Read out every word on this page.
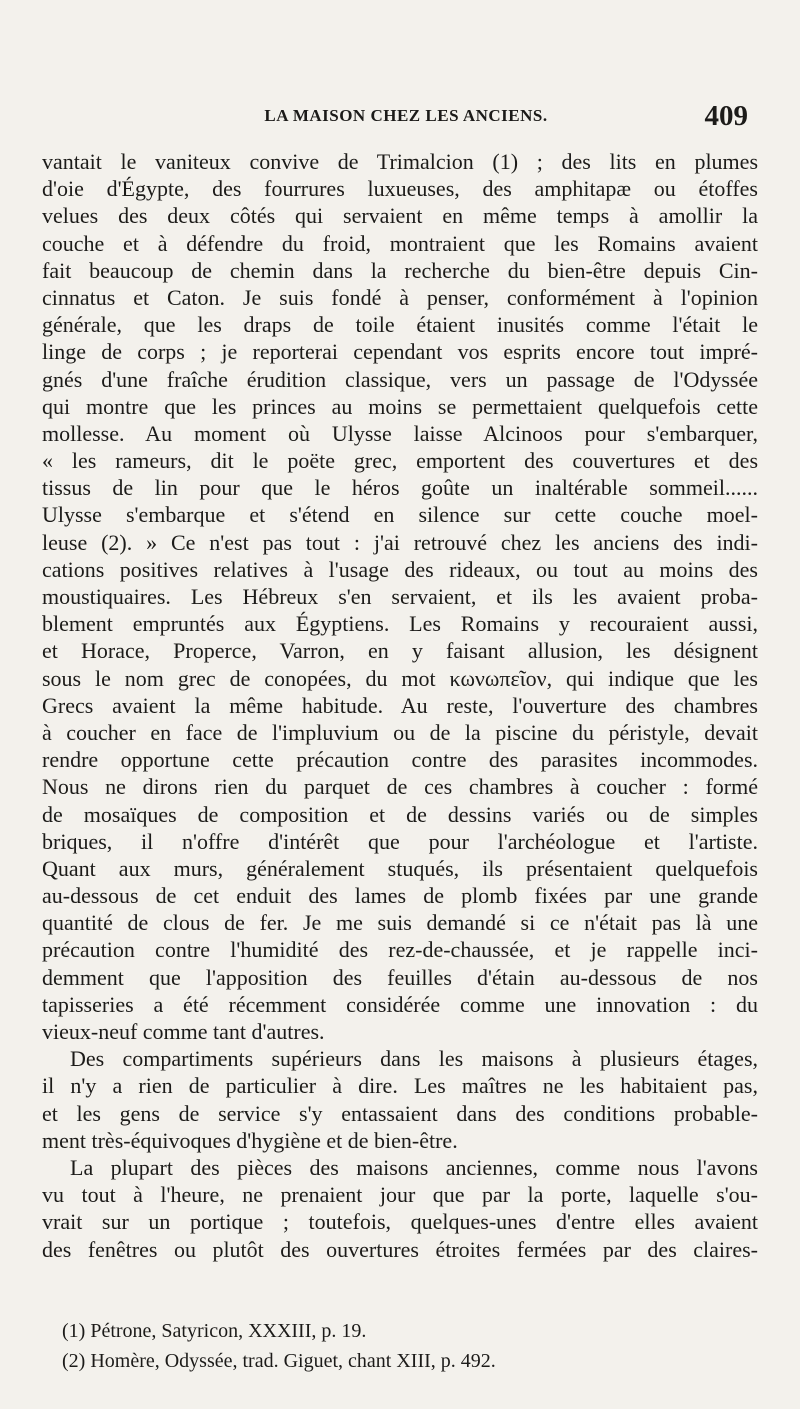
LA MAISON CHEZ LES ANCIENS.	409
vantait le vaniteux convive de Trimalcion (1) ; des lits en plumes
d'oie d'Égypte, des fourrures luxueuses, des amphitapæ ou étoffes
velues des deux côtés qui servaient en même temps à amollir la
couche et à défendre du froid, montraient que les Romains avaient
fait beaucoup de chemin dans la recherche du bien-être depuis Cin-
cinnatus et Caton. Je suis fondé à penser, conformément à l'opinion
générale, que les draps de toile étaient inusités comme l'était le
linge de corps ; je reporterai cependant vos esprits encore tout impré-
gnés d'une fraîche érudition classique, vers un passage de l'Odyssée
qui montre que les princes au moins se permettaient quelquefois cette
mollesse. Au moment où Ulysse laisse Alcinoos pour s'embarquer,
« les rameurs, dit le poëte grec, emportent des couvertures et des
tissus de lin pour que le héros goûte un inaltérable sommeil......
Ulysse s'embarque et s'étend en silence sur cette couche moel-
leuse (2). » Ce n'est pas tout : j'ai retrouvé chez les anciens des indi-
cations positives relatives à l'usage des rideaux, ou tout au moins des
moustiquaires. Les Hébreux s'en servaient, et ils les avaient proba-
blement empruntés aux Égyptiens. Les Romains y recouraient aussi,
et Horace, Properce, Varron, en y faisant allusion, les désignent
sous le nom grec de conopées, du mot κωνωπεῖον, qui indique que les
Grecs avaient la même habitude. Au reste, l'ouverture des chambres
à coucher en face de l'impluvium ou de la piscine du péristyle, devait
rendre opportune cette précaution contre des parasites incommodes.
Nous ne dirons rien du parquet de ces chambres à coucher : formé
de mosaïques de composition et de dessins variés ou de simples
briques, il n'offre d'intérêt que pour l'archéologue et l'artiste.
Quant aux murs, généralement stuqués, ils présentaient quelquefois
au-dessous de cet enduit des lames de plomb fixées par une grande
quantité de clous de fer. Je me suis demandé si ce n'était pas là une
précaution contre l'humidité des rez-de-chaussée, et je rappelle inci-
demment que l'apposition des feuilles d'étain au-dessous de nos
tapisseries a été récemment considérée comme une innovation : du
vieux-neuf comme tant d'autres.
Des compartiments supérieurs dans les maisons à plusieurs étages,
il n'y a rien de particulier à dire. Les maîtres ne les habitaient pas,
et les gens de service s'y entassaient dans des conditions probable-
ment très-équivoques d'hygiène et de bien-être.
La plupart des pièces des maisons anciennes, comme nous l'avons
vu tout à l'heure, ne prenaient jour que par la porte, laquelle s'ou-
vrait sur un portique ; toutefois, quelques-unes d'entre elles avaient
des fenêtres ou plutôt des ouvertures étroites fermées par des claires-
(1) Pétrone, Satyricon, XXXIII, p. 19.
(2) Homère, Odyssée, trad. Giguet, chant XIII, p. 492.
